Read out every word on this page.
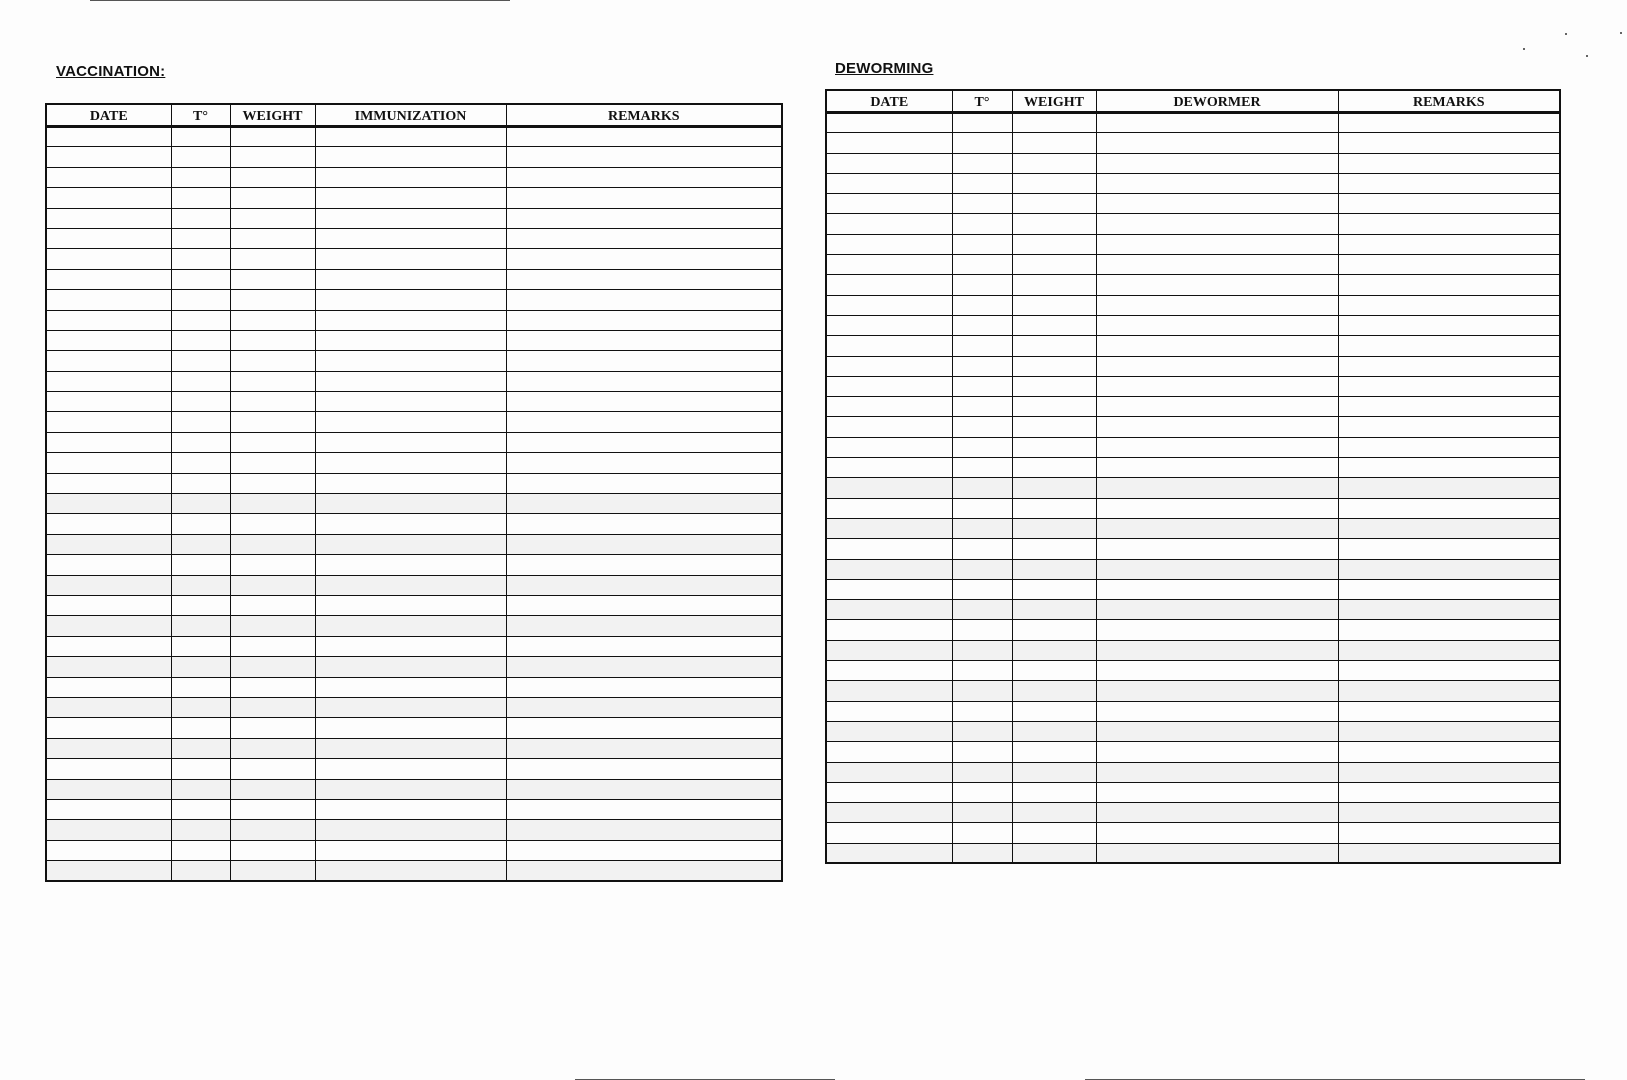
VACCINATION:
DATE	T°	WEIGHT	IMMUNIZATION	REMARKS

DEWORMING
DATE	T°	WEIGHT	DEWORMER	REMARKS
